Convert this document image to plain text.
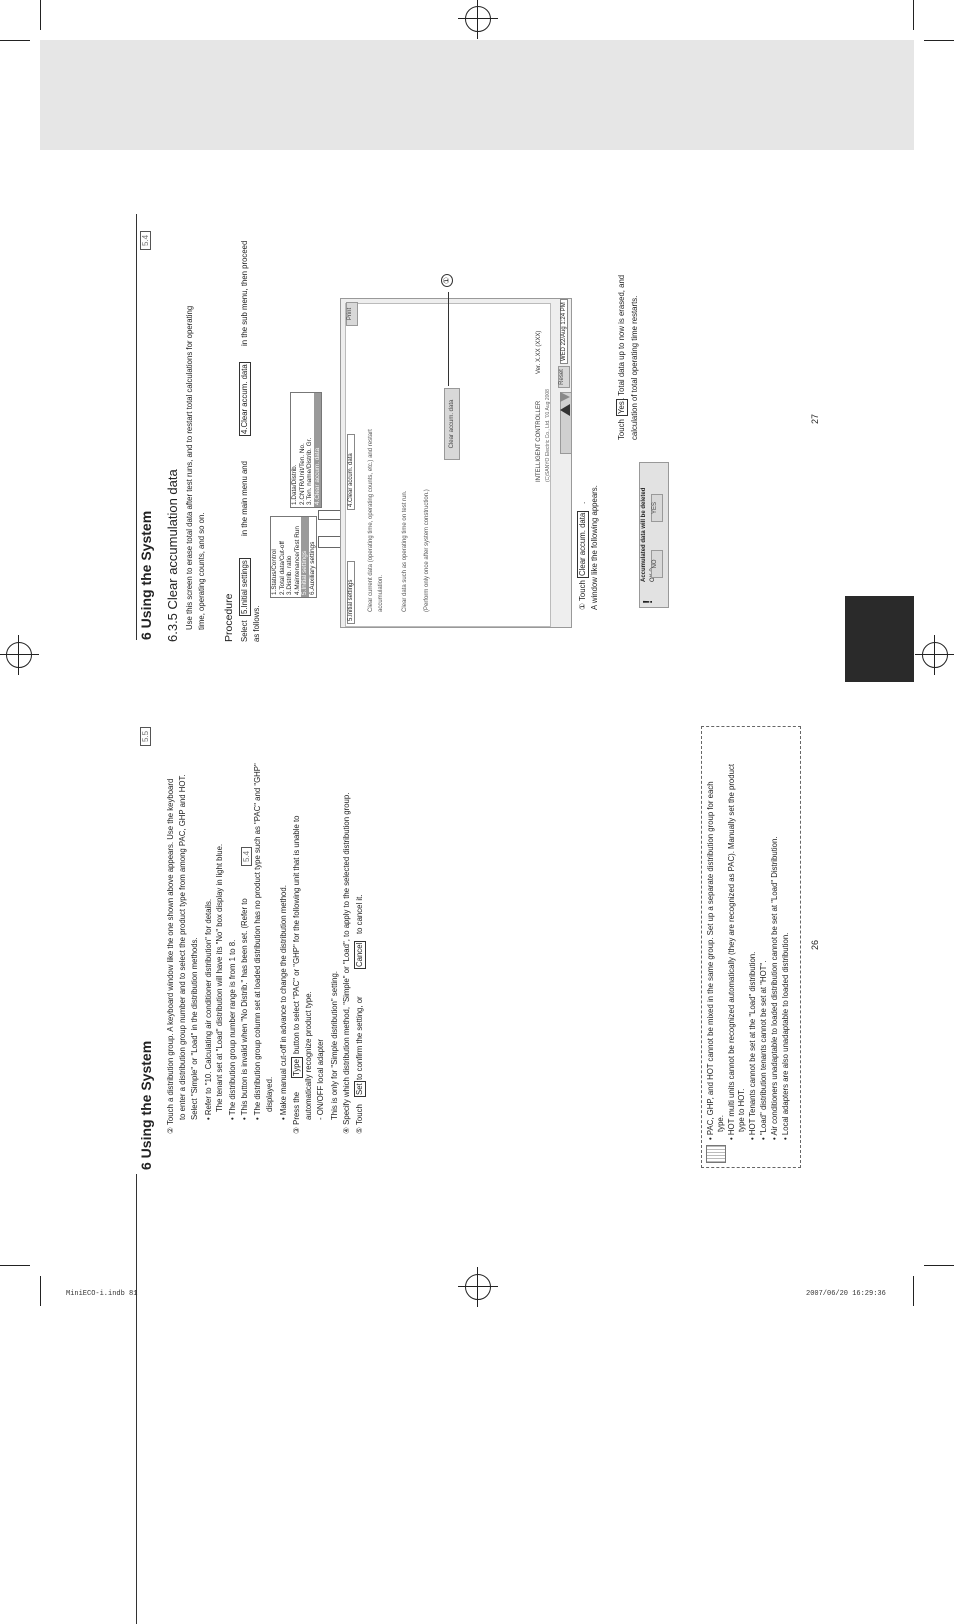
6 Using the System
5.5
② Touch a distribution group. A keyboard window like the one shown above appears. Use the keyboard to enter a distribution group number and to select the product type from among PAC, GHP and HOT. Select "Simple" or "Load" in the distribution methods. • Refer to "10. Calculating air conditioner distribution" for details. The tenant set at "Load" distribution will have its "No" box display in light blue. • The distribution group number range is from 1 to 8. • This button is invalid when "No Distrib." has been set. (Refer to
5.4 • The distribution group column set at loaded distribution has no product type such as "PAC" and "GHP" displayed. • Make manual cut-off in advance to change the distribution method. ③ Press the
Type
button to select "PAC" or "GHP" for the following unit that is unable to
automatically recognize product type. - ON/OFF local adapter This is only for "Simple distribution" setting. ④ Specify which distribution method, "Simple" or "Load", to apply to the selected distribution group. ⑤ Touch
Set
to confirm the setting, or
Cancel
to cancel it.	• PAC, GHP, and HOT cannot be mixed in the same group. Set up a separate distribution group for each type. • HOT multi units cannot be recognized automatically (they are recognized as PAC). Manually set the product type to HOT. • HOT Tenants cannot be set at the "Load" distribution. • "Load" distribution tenants cannot be set at "HOT". • Air conditioners unadaptable to loaded distribution cannot be set at "Load" Distribution. • Local adapters are also unadaptable to loaded distribution. 26
6 Using the System
5.4
6.3.5 Clear accumulation data Use this screen to erase total data after test runs, and to restart total calculations for operating time, operating counts, and so on. Procedure Select
5.Initial settings
in the main menu and
4.Clear accum. data
in the sub menu, then proceed
as follows.
1.Status/Control 2.Total data/Cut-off 3.Distrib. ratio 4.Maintenance/Test Run 5.Initial settings 6.Auxiliary settings
1.Data/Distrib. 2.CNTR/Unit/Ten. No. 3.Ten. name/Distrib. Gr. 4.Clear accum. data
5.Initial settings
4.Clear accum. data
Print
Clear current data (operating time, operating counts, etc.) and restart accumulation.	Clear data such as operating time on test run.	(Perform only once after system construction.)
Clear accum. data	INTELLIGENT CONTROLLER
Ver. X.XX (XXX)
(C)SANYO Electric Co., Ltd. '01 Aug 2008
Reset
WED 22/Aug 1:24 PM
①
① Touch
Clear accum. data
. A window like the following appears.	!
Accumulated data will be deleted YES
NO
Touch
Yes
. Total data up to now is erased, and calculation of total operating time restarts.	27
MiniECO-i.indb 81	2007/06/20 16:29:36
